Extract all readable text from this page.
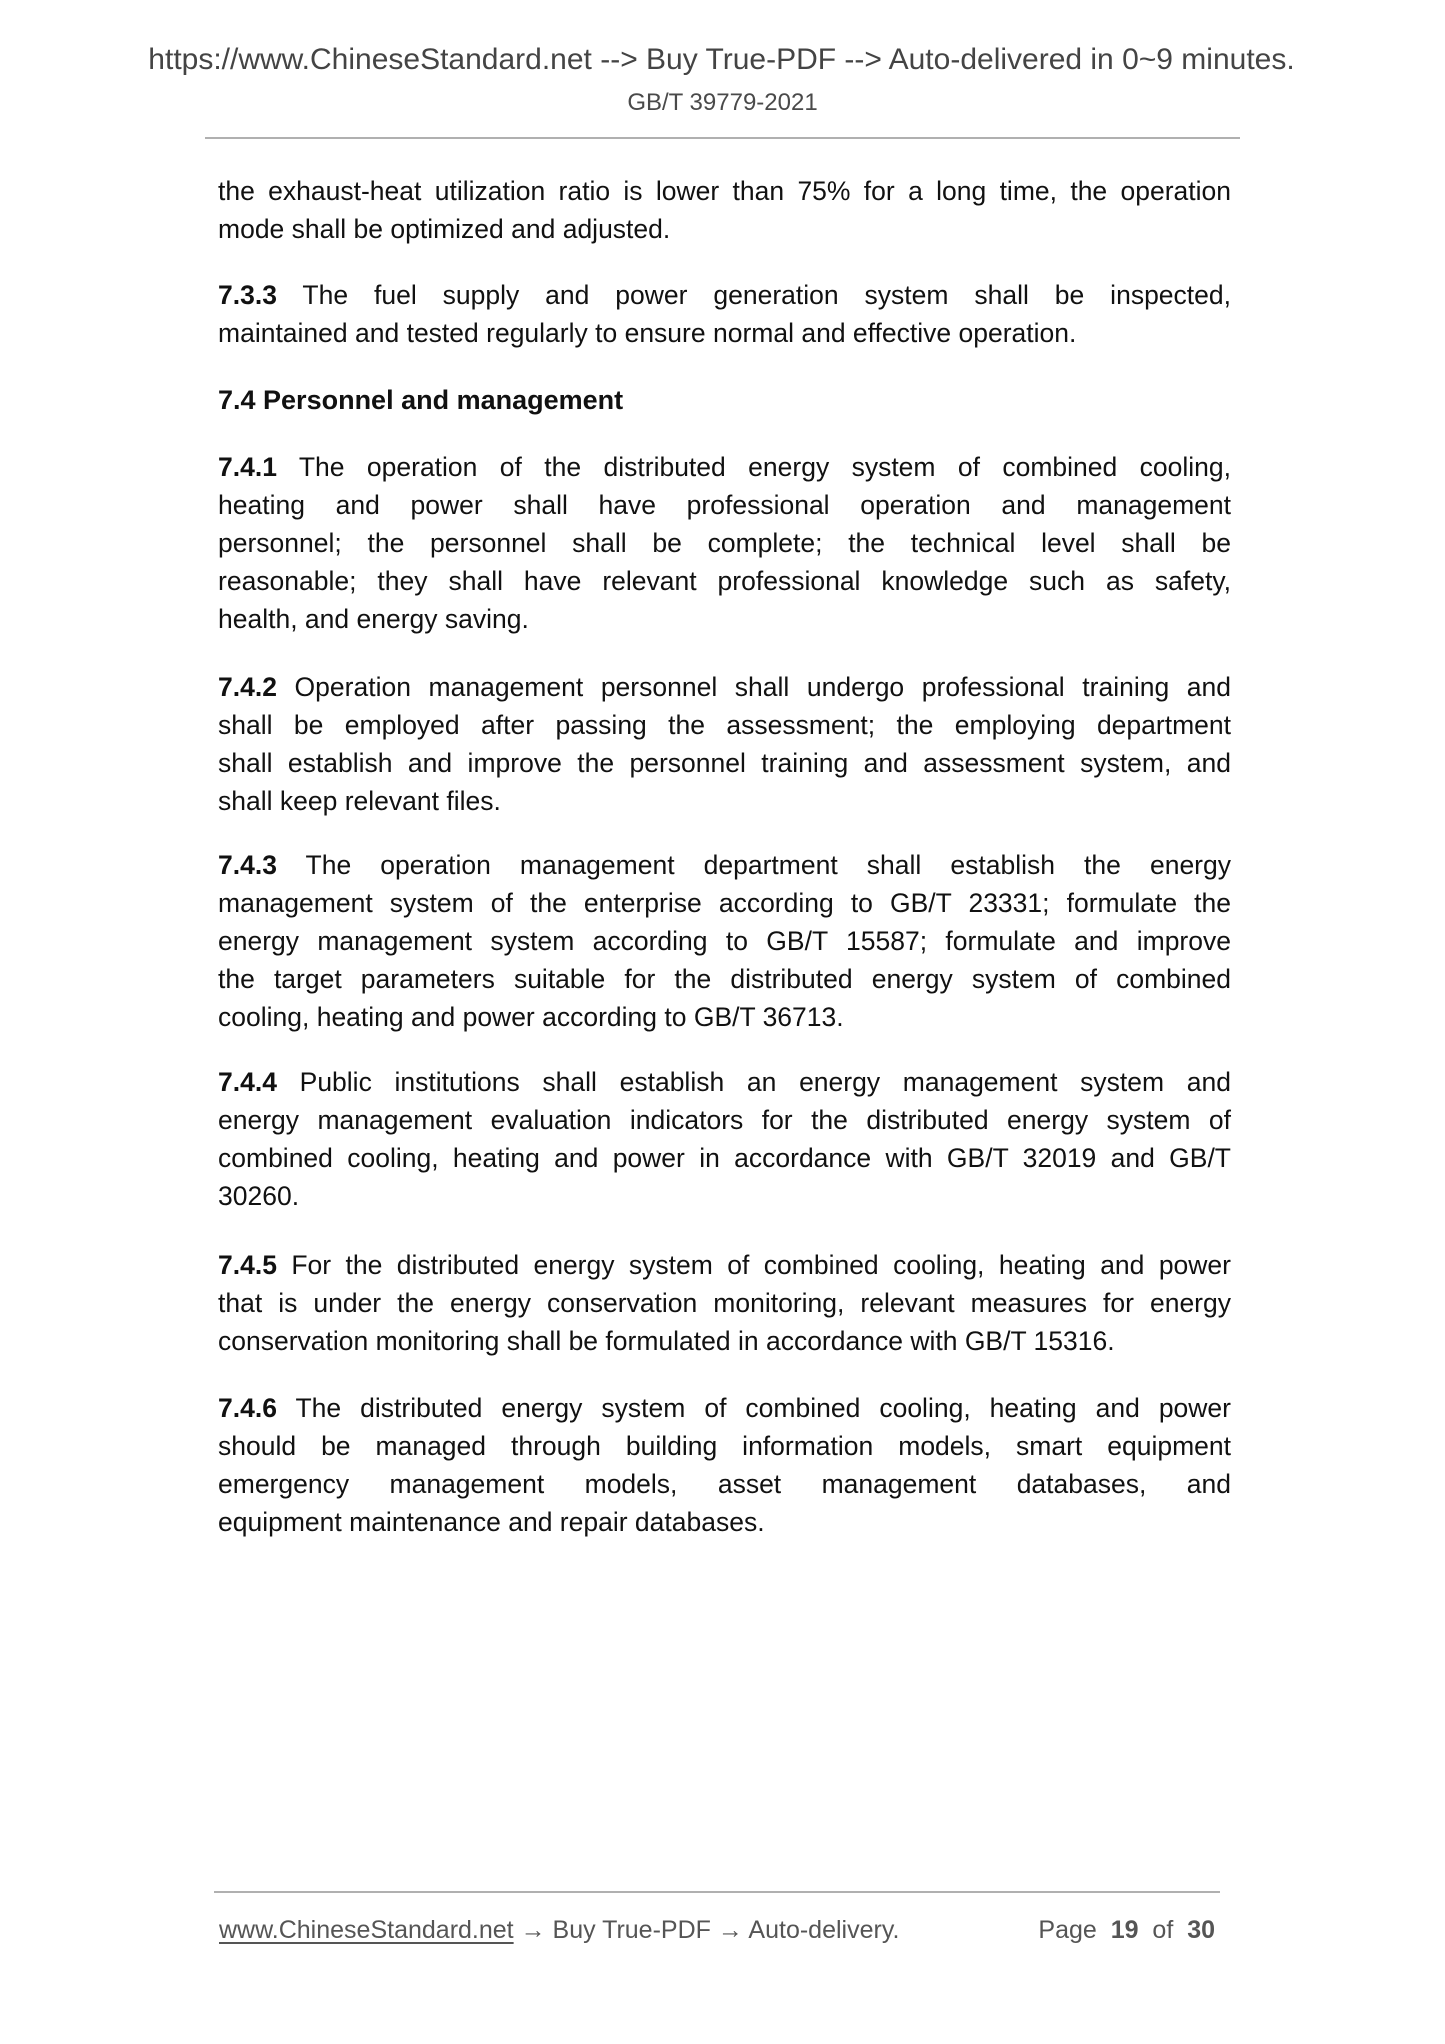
https://www.ChineseStandard.net --> Buy True-PDF --> Auto-delivered in 0~9 minutes.
GB/T 39779-2021
the exhaust-heat utilization ratio is lower than 75% for a long time, the operation
mode shall be optimized and adjusted.
7.3.3 The fuel supply and power generation system shall be inspected,
maintained and tested regularly to ensure normal and effective operation.
7.4 Personnel and management
7.4.1 The operation of the distributed energy system of combined cooling,
heating and power shall have professional operation and management
personnel; the personnel shall be complete; the technical level shall be
reasonable; they shall have relevant professional knowledge such as safety,
health, and energy saving.
7.4.2 Operation management personnel shall undergo professional training and
shall be employed after passing the assessment; the employing department
shall establish and improve the personnel training and assessment system, and
shall keep relevant files.
7.4.3 The operation management department shall establish the energy
management system of the enterprise according to GB/T 23331; formulate the
energy management system according to GB/T 15587; formulate and improve
the target parameters suitable for the distributed energy system of combined
cooling, heating and power according to GB/T 36713.
7.4.4 Public institutions shall establish an energy management system and
energy management evaluation indicators for the distributed energy system of
combined cooling, heating and power in accordance with GB/T 32019 and GB/T
30260.
7.4.5 For the distributed energy system of combined cooling, heating and power
that is under the energy conservation monitoring, relevant measures for energy
conservation monitoring shall be formulated in accordance with GB/T 15316.
7.4.6 The distributed energy system of combined cooling, heating and power
should be managed through building information models, smart equipment
emergency management models, asset management databases, and
equipment maintenance and repair databases.
www.ChineseStandard.net → Buy True-PDF → Auto-delivery.	Page 19 of 30
